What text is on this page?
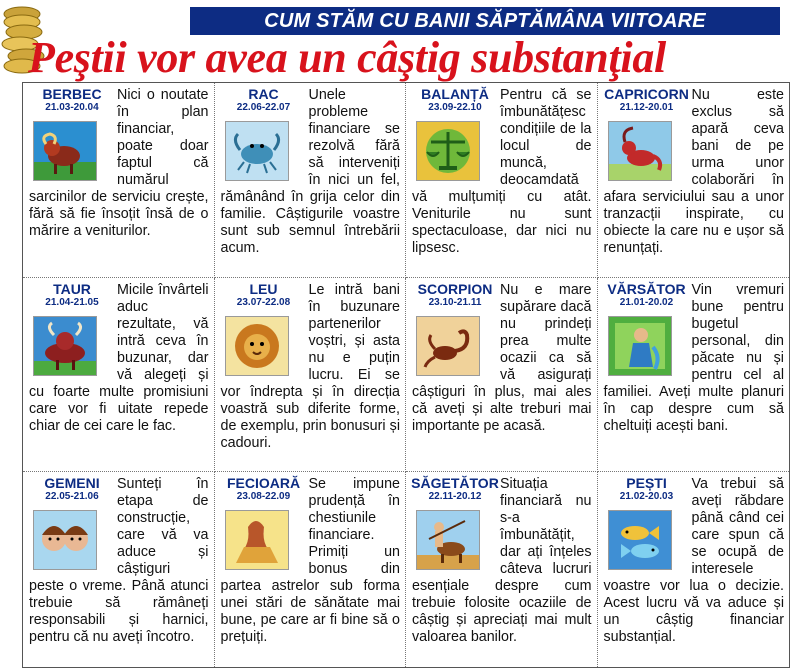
CUM STĂM CU BANII SĂPTĂMÂNA VIITOARE
Peştii vor avea un câştig substanţial
BERBEC
21.03-20.04

Nici o noutate în plan financiar, poate doar faptul că numărul sarcinilor de serviciu crește, fără să fie însoțit însă de o mărire a veniturilor.

RAC
22.06-22.07

Unele probleme financiare se rezolvă fără să interveniți în nici un fel, rămânând în grija celor din familie. Câștigurile voastre sunt sub semnul întrebării acum.

BALANȚĂ
23.09-22.10

Pentru că se îmbunătățesc condițiile de la locul de muncă, deocamdată vă mulțumiți cu atât. Veniturile nu sunt spectaculoase, dar nici nu lipsesc.

CAPRICORN
21.12-20.01

Nu este exclus să apară ceva bani de pe urma unor colaborări în afara serviciului sau a unor tranzacții inspirate, cu obiecte la care nu e ușor să renunțați.

TAUR
21.04-21.05

Micile învârteli aduc rezultate, vă intră ceva în buzunar, dar vă alegeți și cu foarte multe promisiuni care vor fi uitate repede chiar de cei care le fac.

LEU
23.07-22.08

Le intră bani în buzunare partenerilor voștri, și asta nu e puțin lucru. Ei se vor îndrepta și în direcția voastră sub diferite forme, de exemplu, prin bonusuri și cadouri.

SCORPION
23.10-21.11

Nu e mare supărare dacă nu prindeți prea multe ocazii ca să vă asigurați câștiguri în plus, mai ales că aveți și alte treburi mai importante pe acasă.

VĂRSĂTOR
21.01-20.02

Vin vremuri bune pentru bugetul personal, din păcate nu și pentru cel al familiei. Aveți multe planuri în cap despre cum să cheltuiți acești bani.

GEMENI
22.05-21.06

Sunteți în etapa de construcție, care vă va aduce și câștiguri peste o vreme. Până atunci trebuie să rămâneți responsabili și harnici, pentru că nu aveți încotro.

FECIOARĂ
23.08-22.09

Se impune prudență în chestiunile financiare. Primiți un bonus din partea astrelor sub forma unei stări de sănătate mai bune, pe care ar fi bine să o prețuiți.

SĂGETĂTOR
22.11-20.12

Situația financiară nu s-a îmbunătățit, dar ați înțeles câteva lucruri esențiale despre cum trebuie folosite ocaziile de câștig și apreciați mai mult valoarea banilor.

PEȘTI
21.02-20.03

Va trebui să aveți răbdare până când cei care spun că se ocupă de interesele voastre vor lua o decizie. Acest lucru vă va aduce și un câștig financiar substanțial.
